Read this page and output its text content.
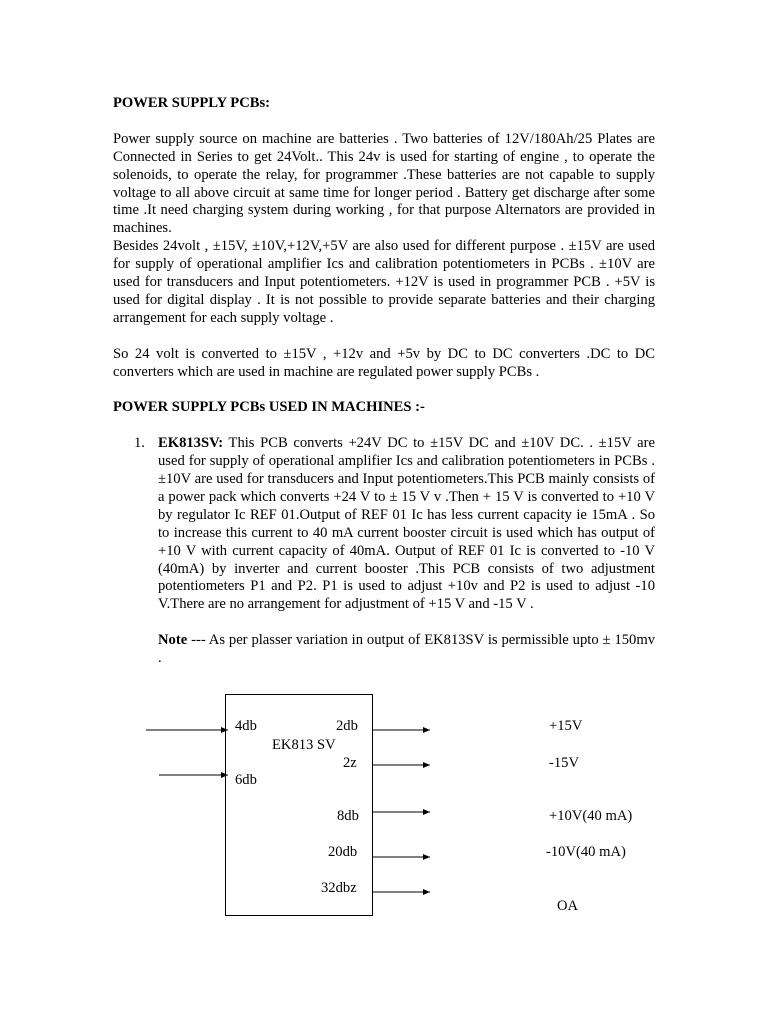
POWER SUPPLY PCBs:

Power supply source on machine are batteries . Two batteries of 12V/180Ah/25 Plates are Connected in Series to get 24Volt.. This 24v is used for starting of engine , to operate the solenoids, to operate the relay, for programmer .These batteries are not capable to supply voltage to all above circuit at same time for longer period . Battery get discharge after some time .It need charging system during working , for that purpose Alternators are provided in machines.

Besides 24volt , ±15V, ±10V,+12V,+5V are also used for different purpose . ±15V are used for supply of operational amplifier Ics and calibration potentiometers in PCBs . ±10V are used for transducers and Input potentiometers. +12V is used in programmer PCB . +5V is used for digital display . It is not possible to provide separate batteries and their charging arrangement for each supply voltage .

So 24 volt is converted to ±15V , +12v and +5v by DC to DC converters .DC to DC converters which are used in machine are regulated power supply PCBs .

POWER SUPPLY PCBs USED IN MACHINES :-
1. EK813SV: This PCB converts +24V DC to ±15V DC and ±10V DC. . ±15V are used for supply of operational amplifier Ics and calibration potentiometers in PCBs . ±10V are used for transducers and Input potentiometers.This PCB mainly consists of a power pack which converts +24 V to ± 15 V v .Then + 15 V is converted to +10 V by regulator Ic REF 01.Output of REF 01 Ic has less current capacity ie 15mA . So to increase this current to 40 mA current booster circuit is used which has output of +10 V with current capacity of 40mA. Output of REF 01 Ic is converted to -10 V (40mA) by inverter and current booster .This PCB consists of two adjustment potentiometers P1 and P2. P1 is used to adjust +10v and P2 is used to adjust -10 V.There are no arrangement for adjustment of +15 V and -15 V .

Note --- As per plasser variation in output of EK813SV is permissible upto ± 150mv .

4db
6db
EK813 SV
2db
2z
8db
20db
32dbz
+15V
-15V
+10V(40 mA)
-10V(40 mA)
OA
